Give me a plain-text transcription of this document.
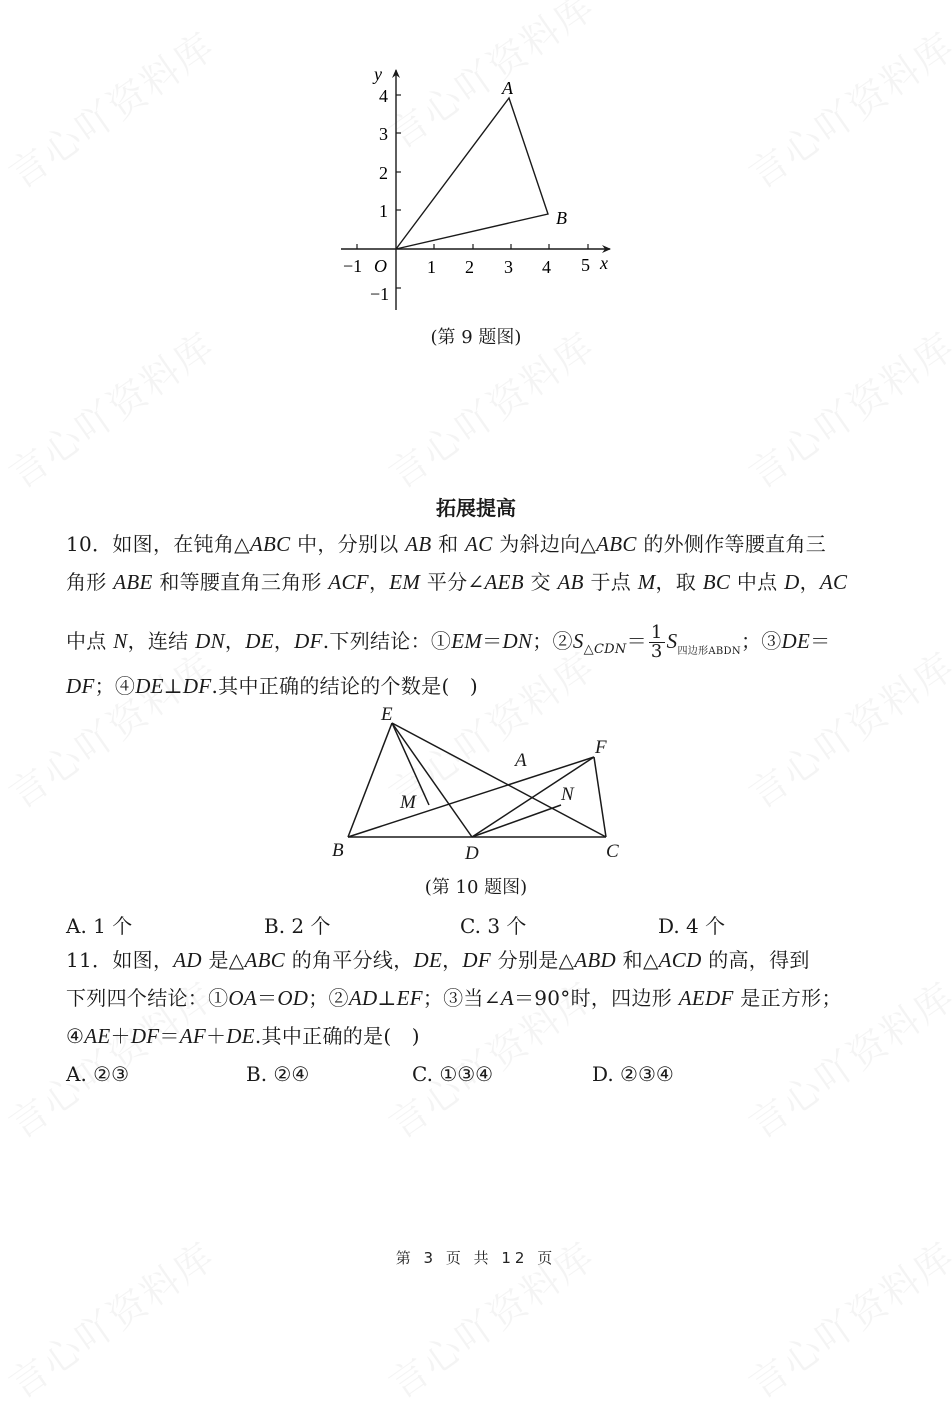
y
x
O
A
B
−1	1 2 3 4 5
4
3
2
1
−1
(第 9 题图)
拓展提高
10．如图，在钝角△ABC 中，分别以 AB 和 AC 为斜边向△ABC 的外侧作等腰直角三
角形 ABE 和等腰直角三角形 ACF，EM 平分∠AEB 交 AB 于点 M，取 BC 中点 D，AC
中点 N，连结 DN，DE，DF.下列结论：①EM＝DN；$②S_{\triangle CDN}= \frac{1}{3} S_{四边形ABDN}$；③DE＝
DF；④DE⊥DF.其中正确的结论的个数是(　)
E
A
F
M	N
B	D	C
(第 10 题图)
A. 1 个	B. 2 个	C. 3 个	D. 4 个
11．如图，AD 是△ABC 的角平分线，DE，DF 分别是△ABD 和△ACD 的高，得到
下列四个结论：①OA＝OD；②AD⊥EF；③当∠A＝90°时，四边形 AEDF 是正方形；
④AE＋DF＝AF＋DE.其中正确的是(　)
A. ②③	B. ②④	C. ①③④	D. ②③④
第 3 页 共 12 页
